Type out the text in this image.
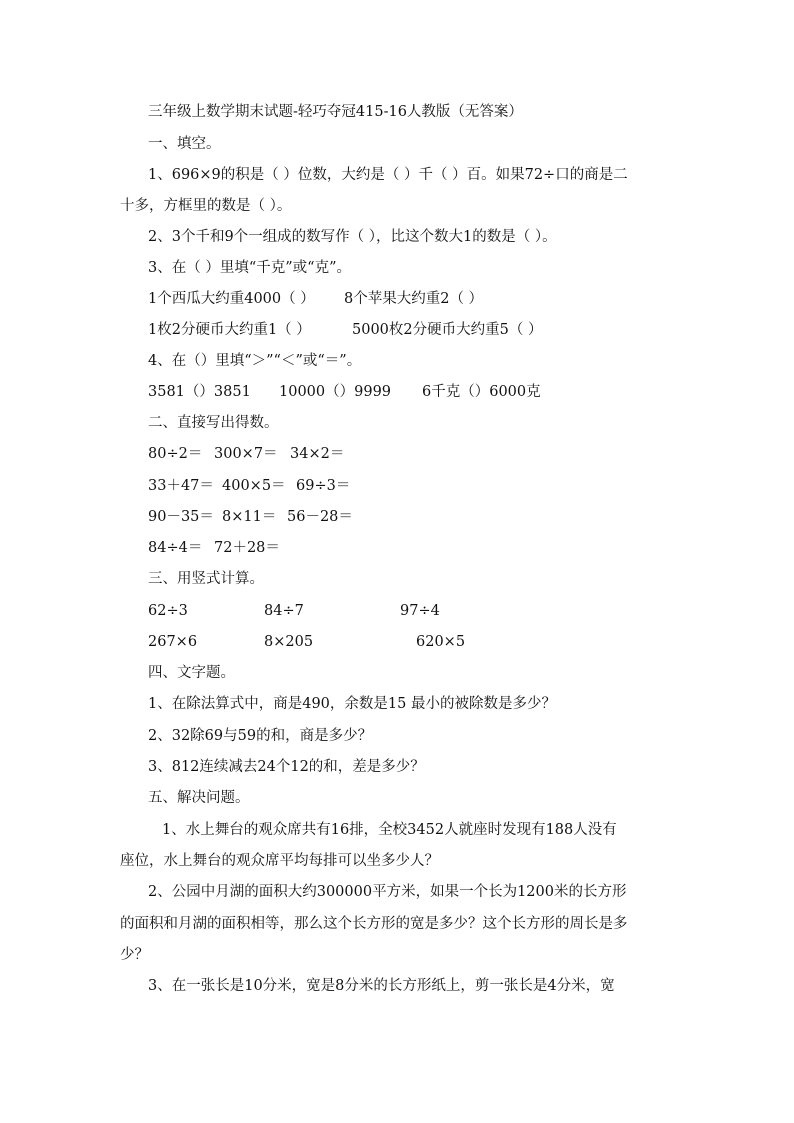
三年级上数学期末试题-轻巧夺冠415-16人教版（无答案）
一、填空。
1、696×9的积是（ ）位数，大约是（ ）千（ ）百。如果72÷口的商是二
十多，方框里的数是（ ）。
2、3个千和9个一组成的数写作（ ），比这个数大1的数是（ ）。
3、在（ ）里填“千克”或“克”。
1个西瓜大约重4000（ ） 8个苹果大约重2（ ）
1枚2分硬币大约重1（ ）	5000枚2分硬币大约重5（ ）
4、在（）里填“＞”“＜”或“＝”。
3581（）3851 10000（）9999 6千克（）6000克
二、直接写出得数。
80÷2＝ 300×7＝ 34×2＝
33＋47＝ 400×5＝ 69÷3＝
90－35＝ 8×11＝ 56－28＝
84÷4＝ 72＋28＝
三、用竖式计算。
62÷3	84÷7	97÷4
267×6	8×205	620×5
四、文字题。
1、在除法算式中，商是490，余数是15 最小的被除数是多少？
2、32除69与59的和，商是多少？
3、812连续减去24个12的和，差是多少？
五、解决问题。
1、水上舞台的观众席共有16排，全校3452人就座时发现有188人没有
座位，水上舞台的观众席平均每排可以坐多少人？
2、公园中月湖的面积大约300000平方米，如果一个长为1200米的长方形
的面积和月湖的面积相等，那么这个长方形的宽是多少？这个长方形的周长是多
少？
3、在一张长是10分米，宽是8分米的长方形纸上，剪一张长是4分米，宽
